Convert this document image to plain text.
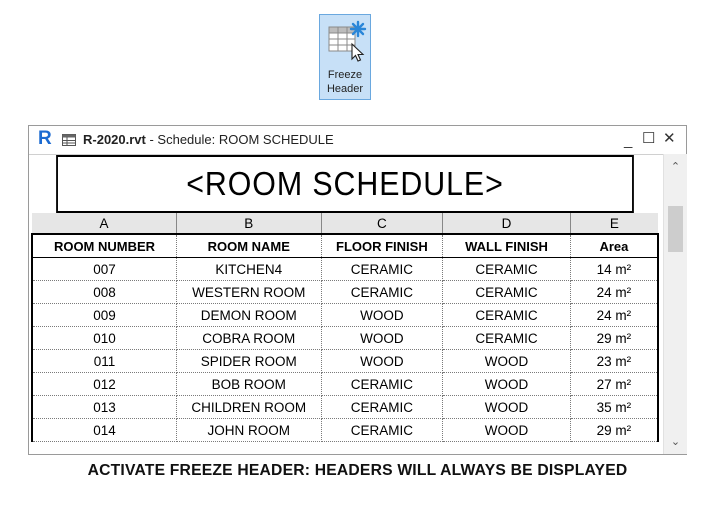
Freeze
Header
R R-2020.rvt - Schedule: ROOM SCHEDULE	_ ☐ ✕
<ROOM SCHEDULE>
A	B	C	D	E
ROOM NUMBER	ROOM NAME	FLOOR FINISH	WALL FINISH	Area
007	KITCHEN4	CERAMIC	CERAMIC	14 m²
008	WESTERN ROOM	CERAMIC	CERAMIC	24 m²
009	DEMON ROOM	WOOD	CERAMIC	24 m²
010	COBRA ROOM	WOOD	CERAMIC	29 m²
011	SPIDER ROOM	WOOD	WOOD	23 m²
012	BOB ROOM	CERAMIC	WOOD	27 m²
013	CHILDREN ROOM	CERAMIC	WOOD	35 m²
014	JOHN ROOM	CERAMIC	WOOD	29 m²
⌃
⌄
ACTIVATE FREEZE HEADER: HEADERS WILL ALWAYS BE DISPLAYED
